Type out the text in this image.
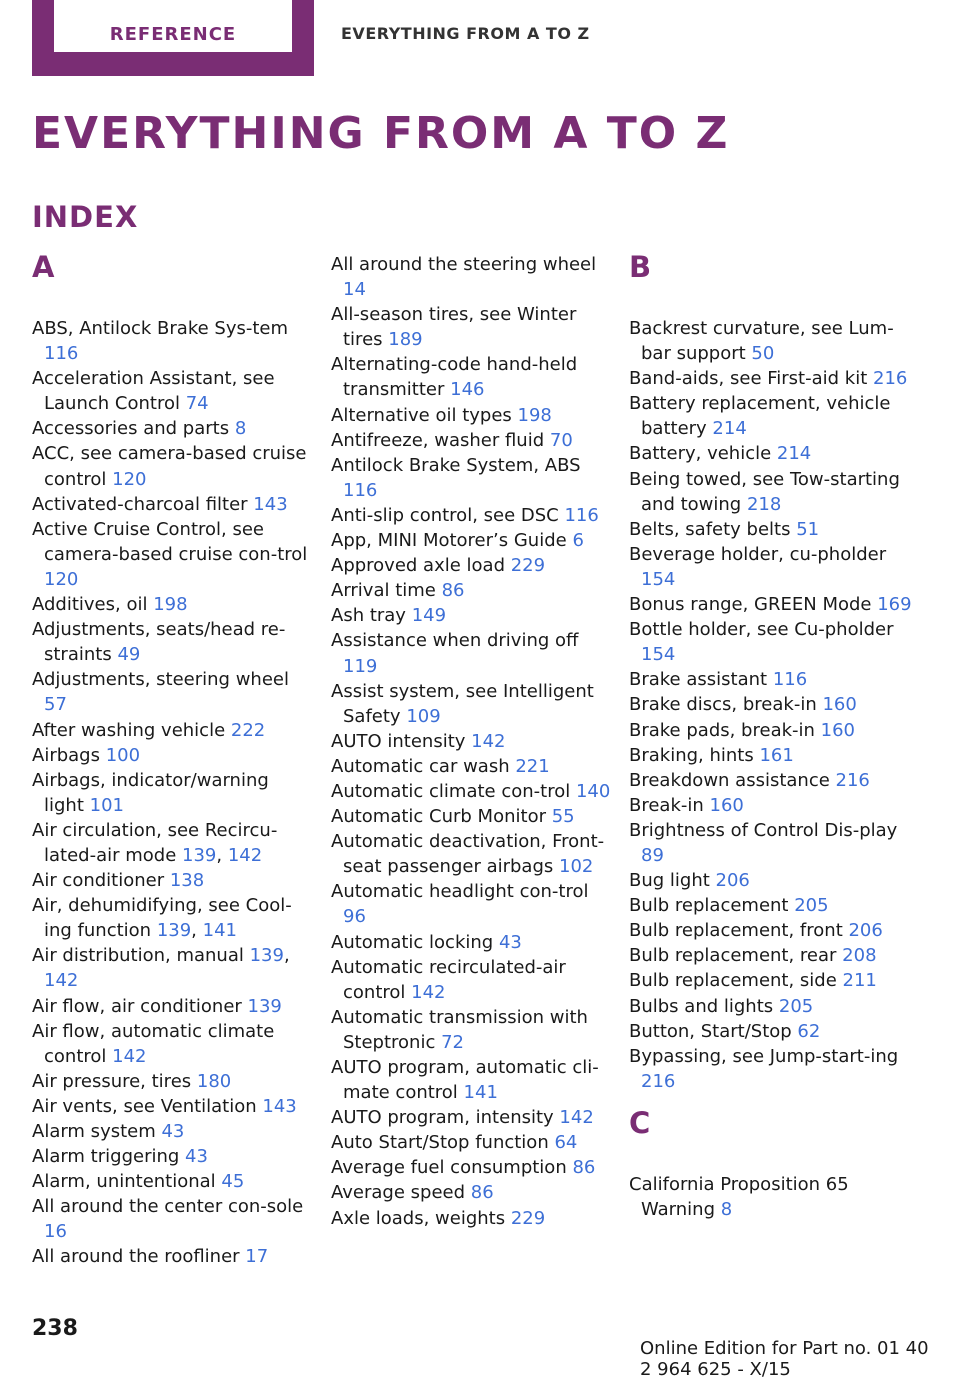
REFERENCE	EVERYTHING FROM A TO Z
EVERYTHING FROM A TO Z
INDEX
A
ABS, Antilock Brake Sys-tem 116
Acceleration Assistant, see Launch Control 74
Accessories and parts 8
ACC, see camera-based cruise control 120
Activated-charcoal filter 143
Active Cruise Control, see camera-based cruise con-trol 120
Additives, oil 198
Adjustments, seats/head re-straints 49
Adjustments, steering wheel 57
After washing vehicle 222
Airbags 100
Airbags, indicator/warning light 101
Air circulation, see Recircu-lated-air mode 139, 142
Air conditioner 138
Air, dehumidifying, see Cool-ing function 139, 141
Air distribution, manual 139, 142
Air flow, air conditioner 139
Air flow, automatic climate control 142
Air pressure, tires 180
Air vents, see Ventilation 143
Alarm system 43
Alarm triggering 43
Alarm, unintentional 45
All around the center con-sole 16
All around the roofliner 17
All around the steering wheel 14
All-season tires, see Winter tires 189
Alternating-code hand-held transmitter 146
Alternative oil types 198
Antifreeze, washer fluid 70
Antilock Brake System, ABS 116
Anti-slip control, see DSC 116
App, MINI Motorer’s Guide 6
Approved axle load 229
Arrival time 86
Ash tray 149
Assistance when driving off 119
Assist system, see Intelligent Safety 109
AUTO intensity 142
Automatic car wash 221
Automatic climate con-trol 140
Automatic Curb Monitor 55
Automatic deactivation, Front-seat passenger airbags 102
Automatic headlight con-trol 96
Automatic locking 43
Automatic recirculated-air control 142
Automatic transmission with Steptronic 72
AUTO program, automatic cli-mate control 141
AUTO program, intensity 142
Auto Start/Stop function 64
Average fuel consumption 86
Average speed 86
Axle loads, weights 229
B
Backrest curvature, see Lum-bar support 50
Band-aids, see First-aid kit 216
Battery replacement, vehicle battery 214
Battery, vehicle 214
Being towed, see Tow-starting and towing 218
Belts, safety belts 51
Beverage holder, cu-pholder 154
Bonus range, GREEN Mode 169
Bottle holder, see Cu-pholder 154
Brake assistant 116
Brake discs, break-in 160
Brake pads, break-in 160
Braking, hints 161
Breakdown assistance 216
Break-in 160
Brightness of Control Dis-play 89
Bug light 206
Bulb replacement 205
Bulb replacement, front 206
Bulb replacement, rear 208
Bulb replacement, side 211
Bulbs and lights 205
Button, Start/Stop 62
Bypassing, see Jump-start-ing 216
C
California Proposition 65 Warning 8
238
Online Edition for Part no. 01 40 2 964 625 - X/15
